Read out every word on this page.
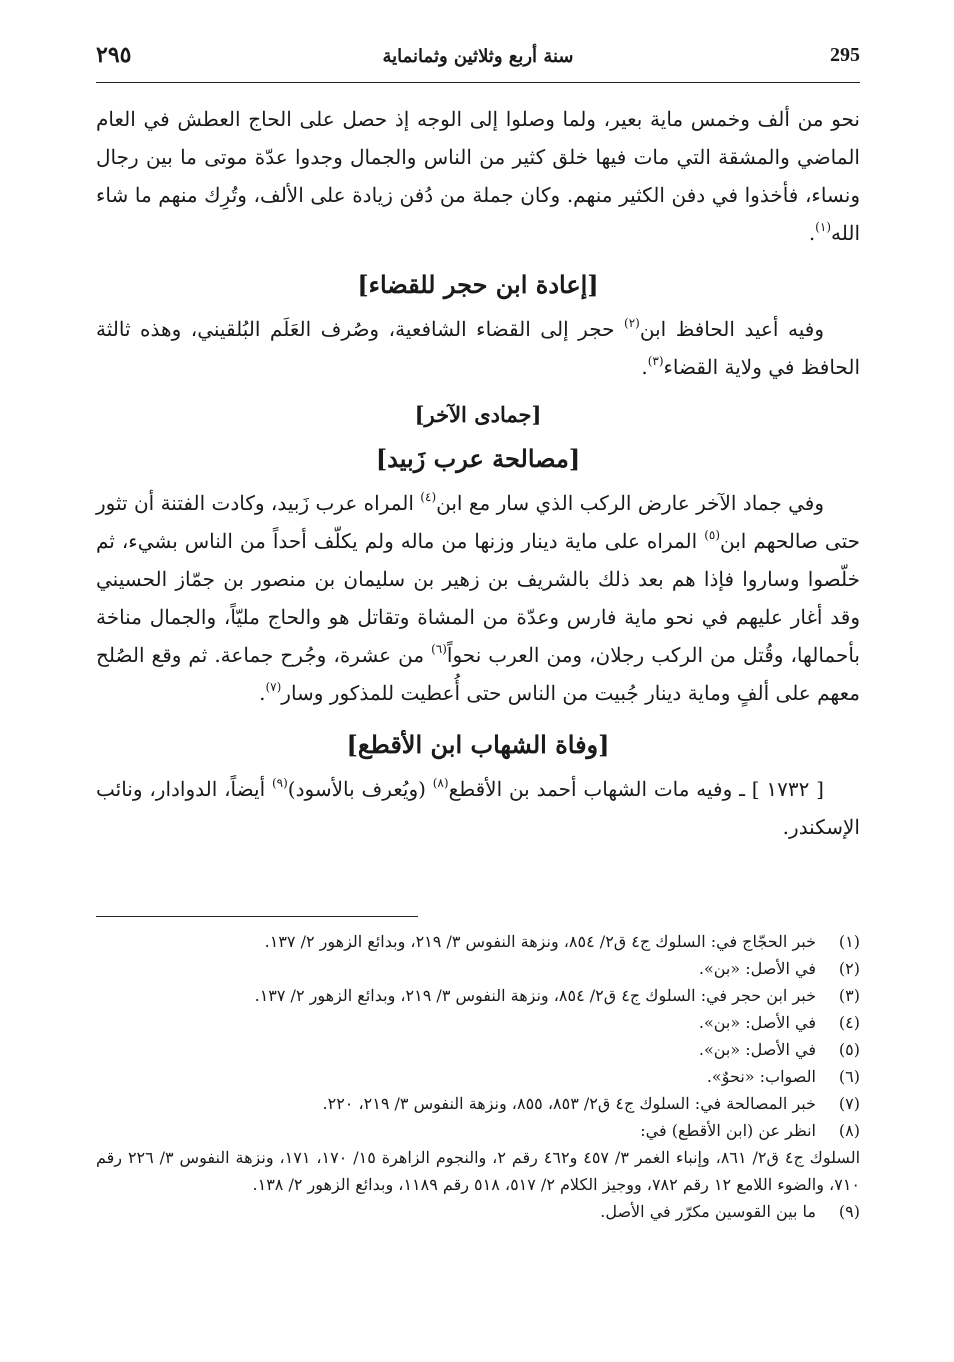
295
سنة أربع وثلاثين وثمانماية
٢٩٥

نحو من ألف وخمس ماية بعير، ولما وصلوا إلى الوجه إذ حصل على الحاج العطش في العام الماضي والمشقة التي مات فيها خلق كثير من الناس والجمال وجدوا عدّة موتى ما بين رجال ونساء، فأخذوا في دفن الكثير منهم. وكان جملة من دُفن زيادة على الألف، وتُرِك منهم ما شاء الله$^{(١)}$.

[إعادة ابن حجر للقضاء]

وفيه أعيد الحافظ ابن$^{(٢)}$ حجر إلى القضاء الشافعية، وصُرف العَلَم البُلقيني، وهذه ثالثة الحافظ في ولاية القضاء$^{(٣)}$.

[جمادى الآخر]

[مصالحة عرب زَبيد]

وفي جماد الآخر عارض الركب الذي سار مع ابن$^{(٤)}$ المراه عرب زَبيد، وكادت الفتنة أن تثور حتى صالحهم ابن$^{(٥)}$ المراه على ماية دينار وزنها من ماله ولم يكلّف أحداً من الناس بشيء، ثم خلّصوا وساروا فإذا هم بعد ذلك بالشريف بن زهير بن سليمان بن منصور بن جمّاز الحسيني وقد أغار عليهم في نحو ماية فارس وعدّة من المشاة وتقاتل هو والحاج مليّاً، والجمال مناخة بأحمالها، وقُتل من الركب رجلان، ومن العرب نحواً$^{(٦)}$ من عشرة، وجُرح جماعة. ثم وقع الصُلح معهم على ألفٍ وماية دينار جُبيت من الناس حتى أُعطيت للمذكور وسار$^{(٧)}$.

[وفاة الشهاب ابن الأقطع]

[ ١٧٣٢ ] ـ وفيه مات الشهاب أحمد بن الأقطع$^{(٨)}$ (ويُعرف بالأسود)$^{(٩)}$ أيضاً، الدوادار، ونائب الإسكندر.

(١)
خبر الحجّاج في: السلوك ج٤ ق٢/ ٨٥٤، ونزهة النفوس ٣/ ٢١٩، وبدائع الزهور ٢/ ١٣٧.
(٢)
في الأصل: «بن».
(٣)
خبر ابن حجر في: السلوك ج٤ ق٢/ ٨٥٤، ونزهة النفوس ٣/ ٢١٩، وبدائع الزهور ٢/ ١٣٧.
(٤)
في الأصل: «بن».
(٥)
في الأصل: «بن».
(٦)
الصواب: «نحوٌ».
(٧)
خبر المصالحة في: السلوك ج٤ ق٢/ ٨٥٣، ٨٥٥، ونزهة النفوس ٣/ ٢١٩، ٢٢٠.
(٨)
انظر عن (ابن الأقطع) في:
السلوك ج٤ ق٢/ ٨٦١، وإنباء الغمر ٣/ ٤٥٧ و٤٦٢ رقم ٢، والنجوم الزاهرة ١٥/ ١٧٠، ١٧١، ونزهة النفوس ٣/ ٢٢٦ رقم ٧١٠، والضوء اللامع ١٢ رقم ٧٨٢، ووجيز الكلام ٢/ ٥١٧، ٥١٨ رقم ١١٨٩، وبدائع الزهور ٢/ ١٣٨.
(٩)
ما بين القوسين مكرّر في الأصل.
